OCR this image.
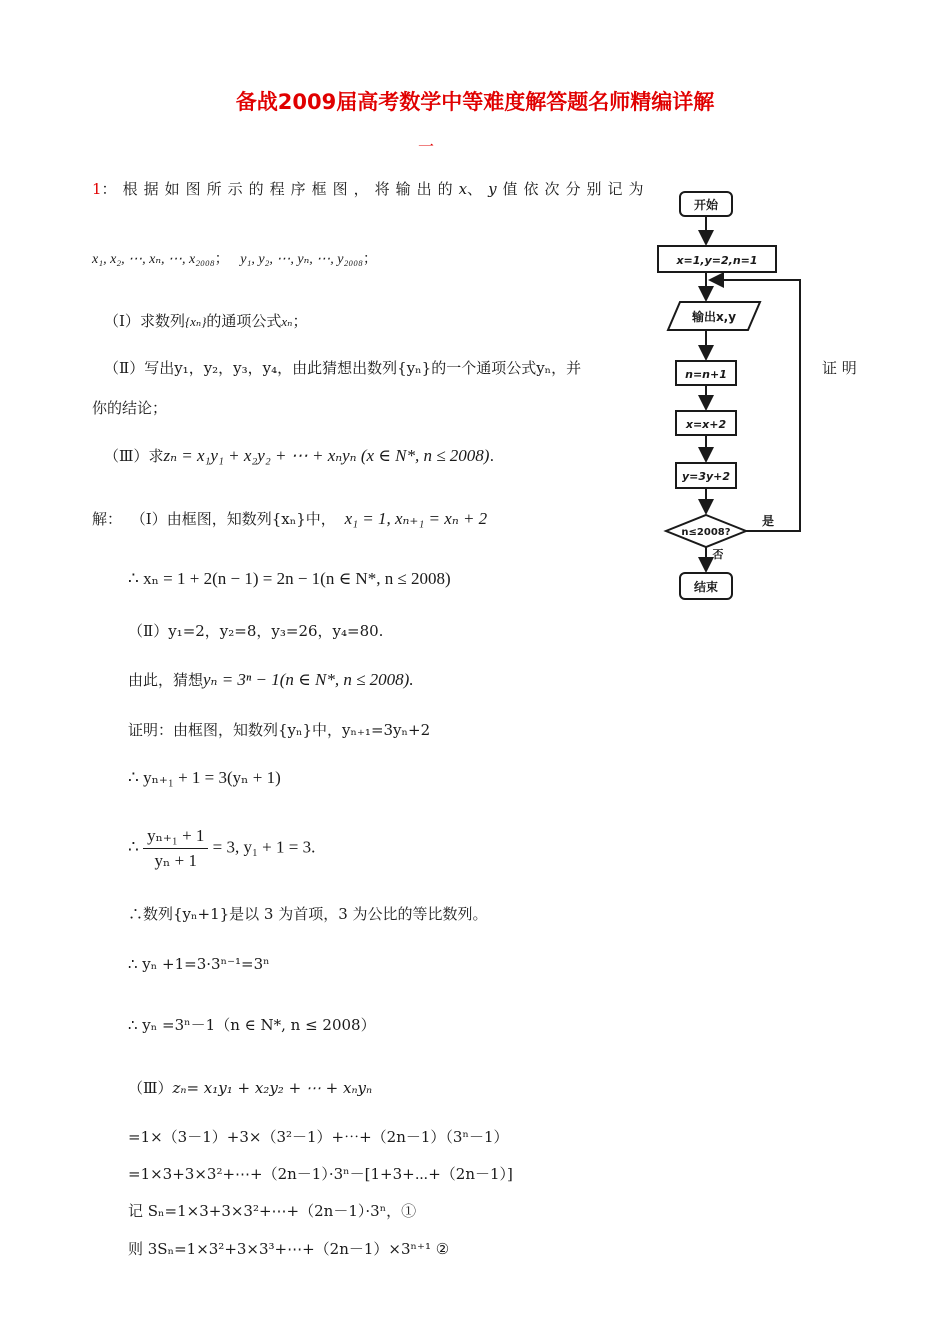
备战2009届高考数学中等难度解答题名师精编详解
一
1：根据如图所示的程序框图，将输出的x、y 值依次分别记为
x₁, x₂, ⋯, xₙ, ⋯, x₂₀₀₈； y₁, y₂, ⋯, yₙ, ⋯, y₂₀₀₈；
（Ⅰ）求数列{xₙ}的通项公式xₙ；
（Ⅱ）写出y₁，y₂，y₃，y₄，由此猜想出数列{yₙ}的一个通项公式yₙ，并	证 明
你的结论；
（Ⅲ）求zₙ = x₁y₁ + x₂y₂ + ⋯ + xₙyₙ (x ∈ N*, n ≤ 2008).
解： （Ⅰ）由框图，知数列{xₙ}中， x₁ = 1, xₙ₊₁ = xₙ + 2
∴ xₙ = 1 + 2(n − 1) = 2n − 1(n ∈ N*, n ≤ 2008)
（Ⅱ）y₁=2，y₂=8，y₃=26，y₄=80.
由此，猜想yₙ = 3ⁿ − 1(n ∈ N*, n ≤ 2008).
证明：由框图，知数列{yₙ}中，yₙ₊₁=3yₙ+2
∴ yₙ₊₁ + 1 = 3(yₙ + 1)
∴ $\frac{\text{yₙ₊₁ + 1}}{\text{yₙ + 1}} = 3$, y₁ + 1 = 3.
∴数列{yₙ+1}是以 3 为首项，3 为公比的等比数列。
∴ yₙ +1=3·3ⁿ⁻¹=3ⁿ
∴ yₙ =3ⁿ－1（n ∈ N*, n ≤ 2008）
（Ⅲ）zₙ= x₁y₁ + x₂y₂ + ⋯ + xₙyₙ
=1×（3－1）+3×（3²－1）+⋯+（2n－1）（3ⁿ－1）
=1×3+3×3²+⋯+（2n－1）·3ⁿ－[1+3+⋯+（2n－1）]
记 Sₙ=1×3+3×3²+⋯+（2n－1）·3ⁿ，①
则 3Sₙ=1×3²+3×3³+⋯+（2n－1）×3ⁿ⁺¹ ②
开始
x=1,y=2,n=1
输出x,y
n=n+1
x=x+2
y=3y+2
n≤2008?
是
否
结束
